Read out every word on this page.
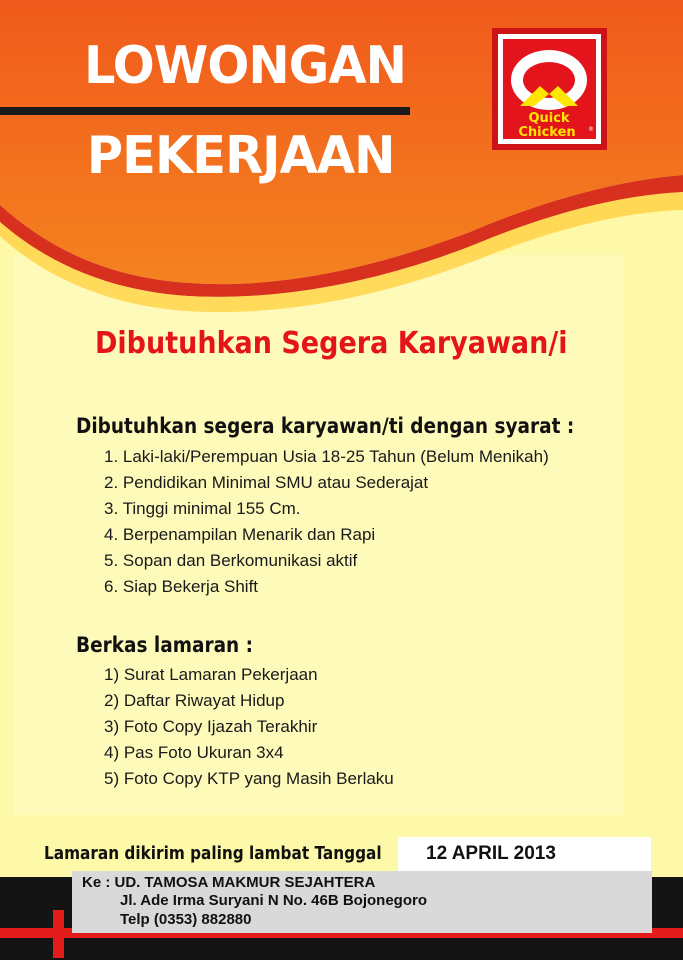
LOWONGAN
PEKERJAAN
Quick
Chicken ®
Dibutuhkan Segera Karyawan/i
Dibutuhkan segera karyawan/ti dengan syarat :
1. Laki-laki/Perempuan Usia 18-25 Tahun (Belum Menikah)
2. Pendidikan Minimal SMU atau Sederajat
3. Tinggi minimal 155 Cm.
4. Berpenampilan Menarik dan Rapi
5. Sopan dan Berkomunikasi aktif
6. Siap Bekerja Shift
Berkas lamaran :
1) Surat Lamaran Pekerjaan
2) Daftar Riwayat Hidup
3) Foto Copy Ijazah Terakhir
4) Pas Foto Ukuran 3x4
5) Foto Copy KTP yang Masih Berlaku

Lamaran dikirim paling lambat Tanggal 12 APRIL 2013

Ke : UD. TAMOSA MAKMUR SEJAHTERA

Jl. Ade Irma Suryani N No. 46B Bojonegoro

Telp (0353) 882880
